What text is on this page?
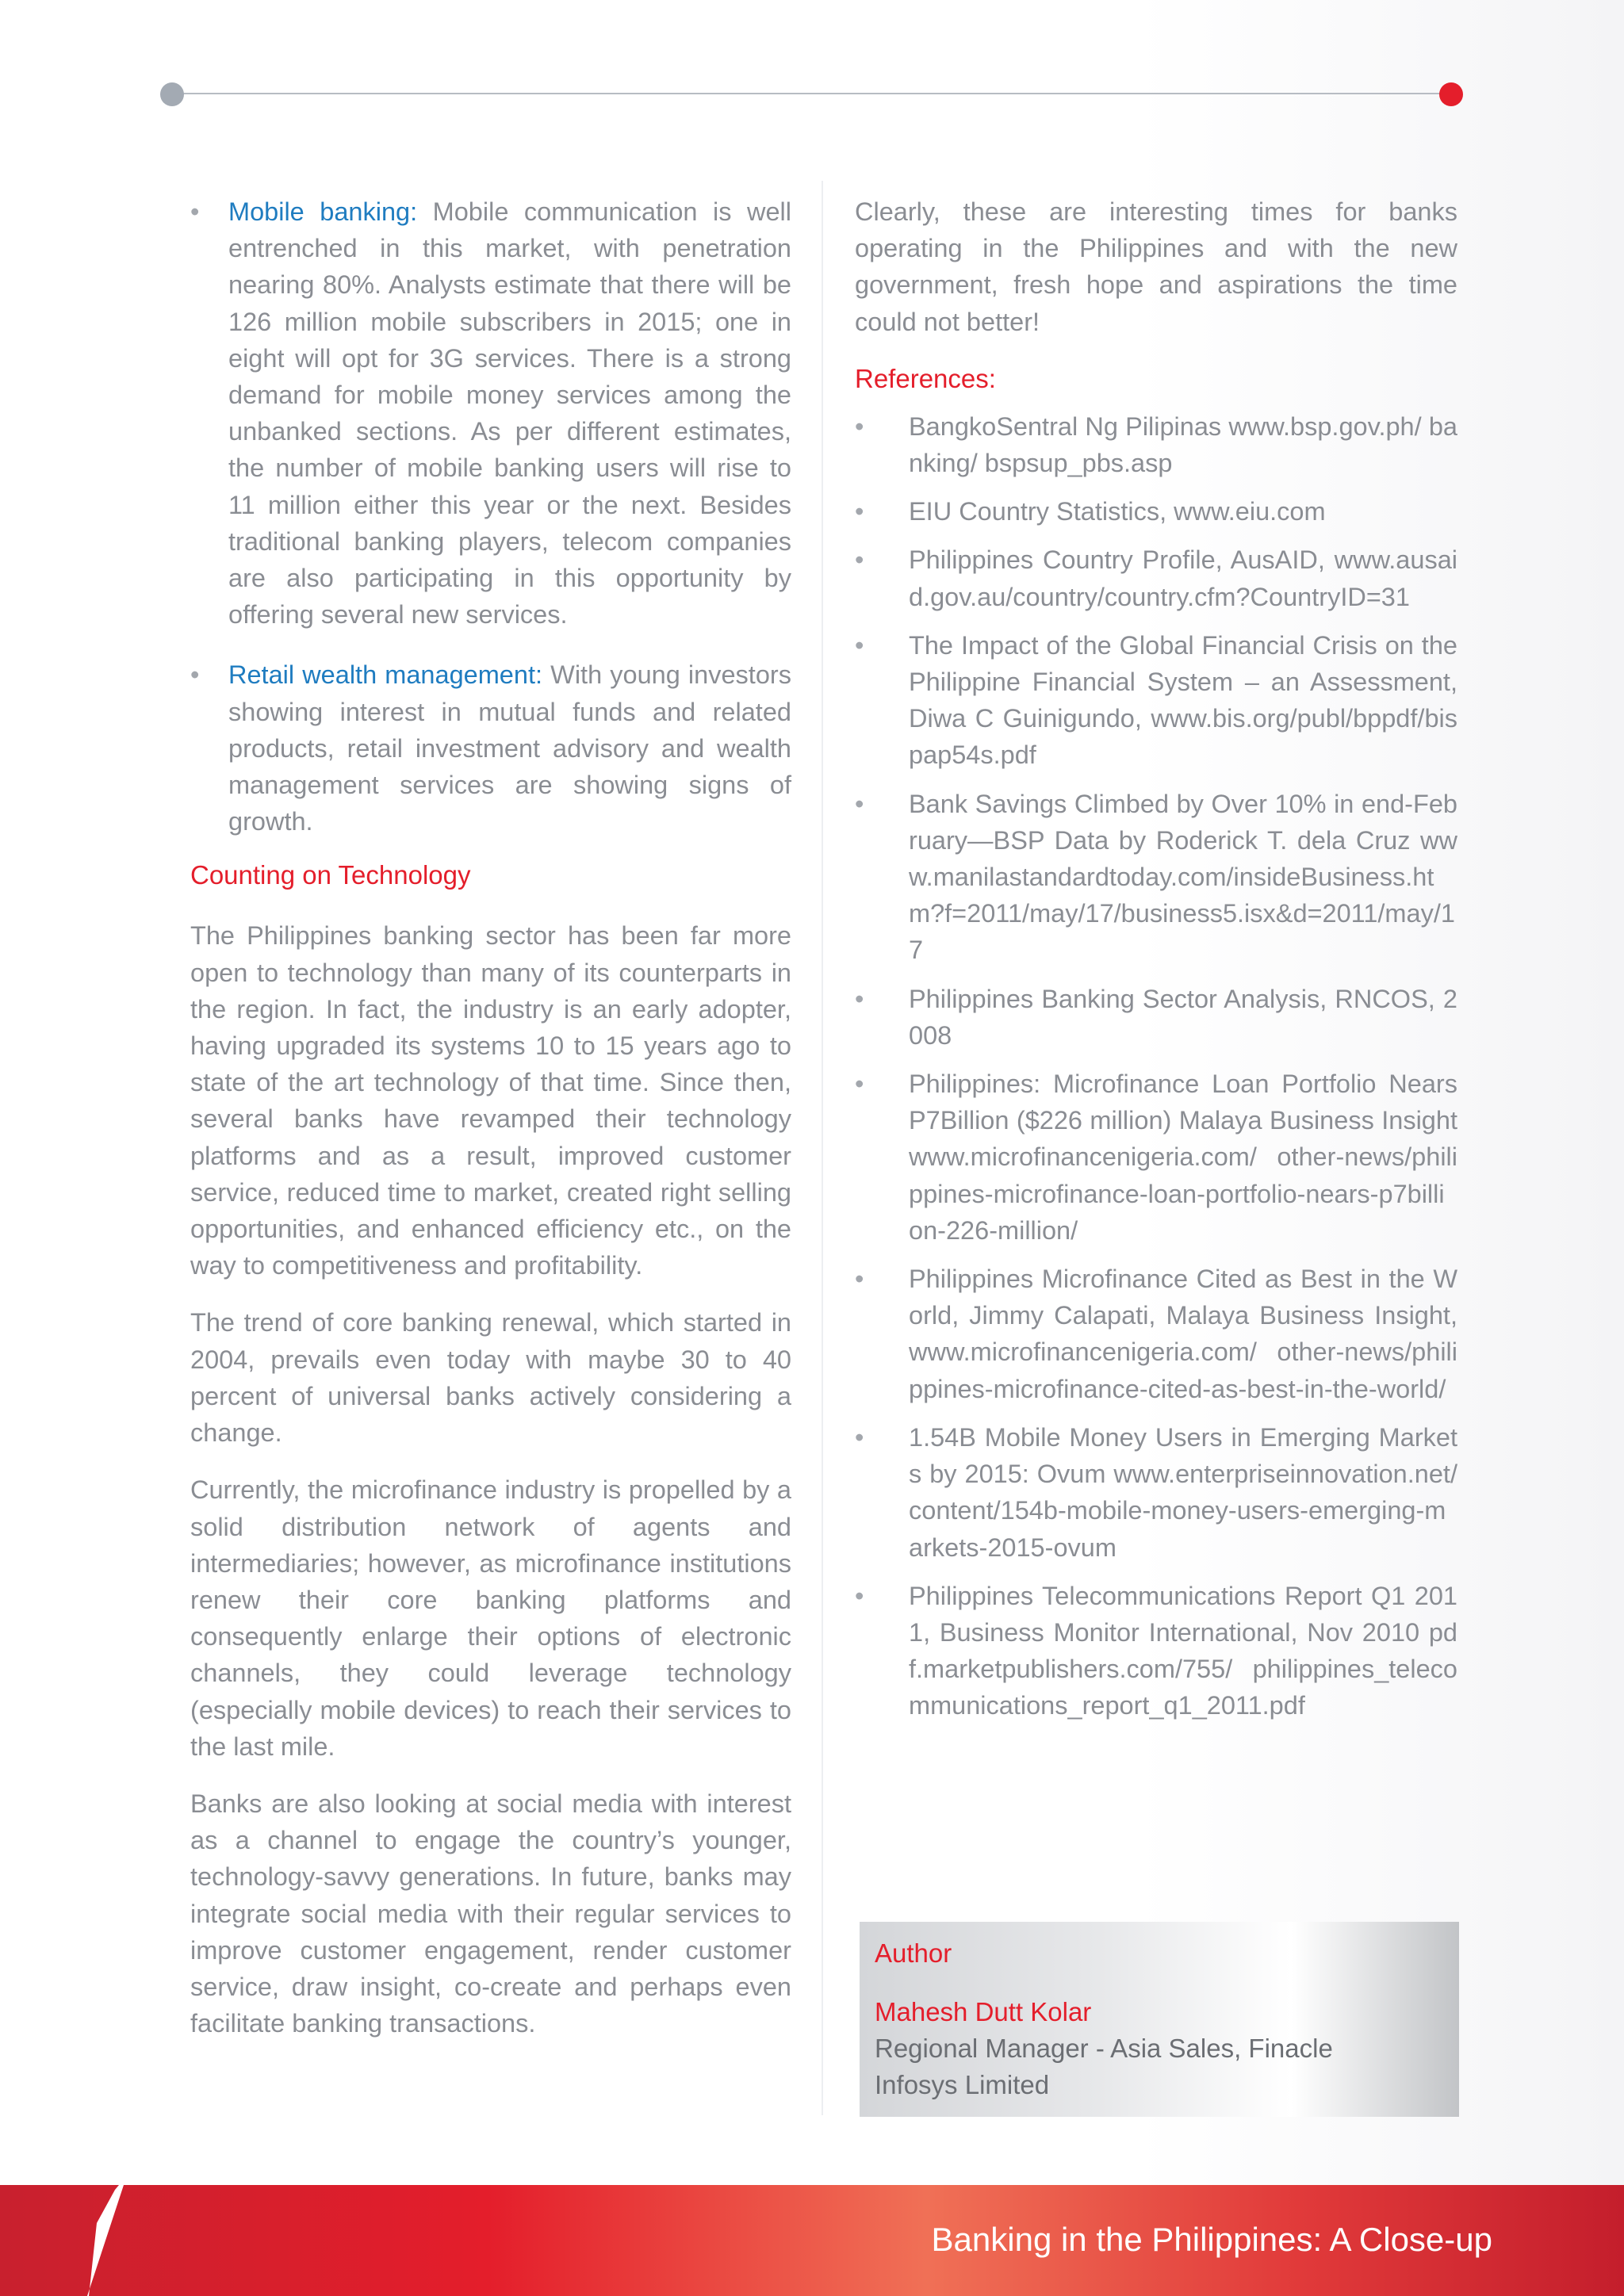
• Mobile banking: Mobile communication is well entrenched in this market, with penetration nearing 80%. Analysts estimate that there will be 126 million mobile subscribers in 2015; one in eight will opt for 3G services. There is a strong demand for mobile money services among the unbanked sections. As per different estimates, the number of mobile banking users will rise to 11 million either this year or the next. Besides traditional banking players, telecom companies are also participating in this opportunity by offering several new services.
• Retail wealth management: With young investors showing interest in mutual funds and related products, retail investment advisory and wealth management services are showing signs of growth.
Counting on Technology

The Philippines banking sector has been far more open to technology than many of its counterparts in the region. In fact, the industry is an early adopter, having upgraded its systems 10 to 15 years ago to state of the art technology of that time. Since then, several banks have revamped their technology platforms and as a result, improved customer service, reduced time to market, created right selling opportunities, and enhanced efficiency etc., on the way to competitiveness and profitability.

The trend of core banking renewal, which started in 2004, prevails even today with maybe 30 to 40 percent of universal banks actively considering a change.

Currently, the microfinance industry is propelled by a solid distribution network of agents and intermediaries; however, as microfinance institutions renew their core banking platforms and consequently enlarge their options of electronic channels, they could leverage technology (especially mobile devices) to reach their services to the last mile.

Banks are also looking at social media with interest as a channel to engage the country’s younger, technology-savvy generations. In future, banks may integrate social media with their regular services to improve customer engagement, render customer service, draw insight, co-create and perhaps even facilitate banking transactions.

Clearly, these are interesting times for banks operating in the Philippines and with the new government, fresh hope and aspirations the time could not better!

References:
• BangkoSentral Ng Pilipinas www.bsp.gov.ph/ banking/ bspsup_pbs.asp
• EIU Country Statistics, www.eiu.com
• Philippines Country Profile, AusAID, www.ausaid.gov.au/country/country.cfm?CountryID=31
• The Impact of the Global Financial Crisis on the Philippine Financial System – an Assessment, Diwa C Guinigundo, www.bis.org/publ/bppdf/bispap54s.pdf
• Bank Savings Climbed by Over 10% in end-February—BSP Data by Roderick T. dela Cruz www.manilastandardtoday.com/insideBusiness.htm?f=2011/may/17/business5.isx&d=2011/may/17
• Philippines Banking Sector Analysis, RNCOS, 2008
• Philippines: Microfinance Loan Portfolio Nears P7Billion ($226 million) Malaya Business Insight www.microfinancenigeria.com/ other-news/philippines-microfinance-loan-portfolio-nears-p7billion-226-million/
• Philippines Microfinance Cited as Best in the World, Jimmy Calapati, Malaya Business Insight, www.microfinancenigeria.com/ other-news/philippines-microfinance-cited-as-best-in-the-world/
• 1.54B Mobile Money Users in Emerging Markets by 2015: Ovum www.enterpriseinnovation.net/content/154b-mobile-money-users-emerging-markets-2015-ovum
• Philippines Telecommunications Report Q1 2011, Business Monitor International, Nov 2010 pdf.marketpublishers.com/755/ philippines_telecommunications_report_q1_2011.pdf
Author
Mahesh Dutt Kolar
Regional Manager - Asia Sales, Finacle
Infosys Limited
Banking in the Philippines: A Close-up
